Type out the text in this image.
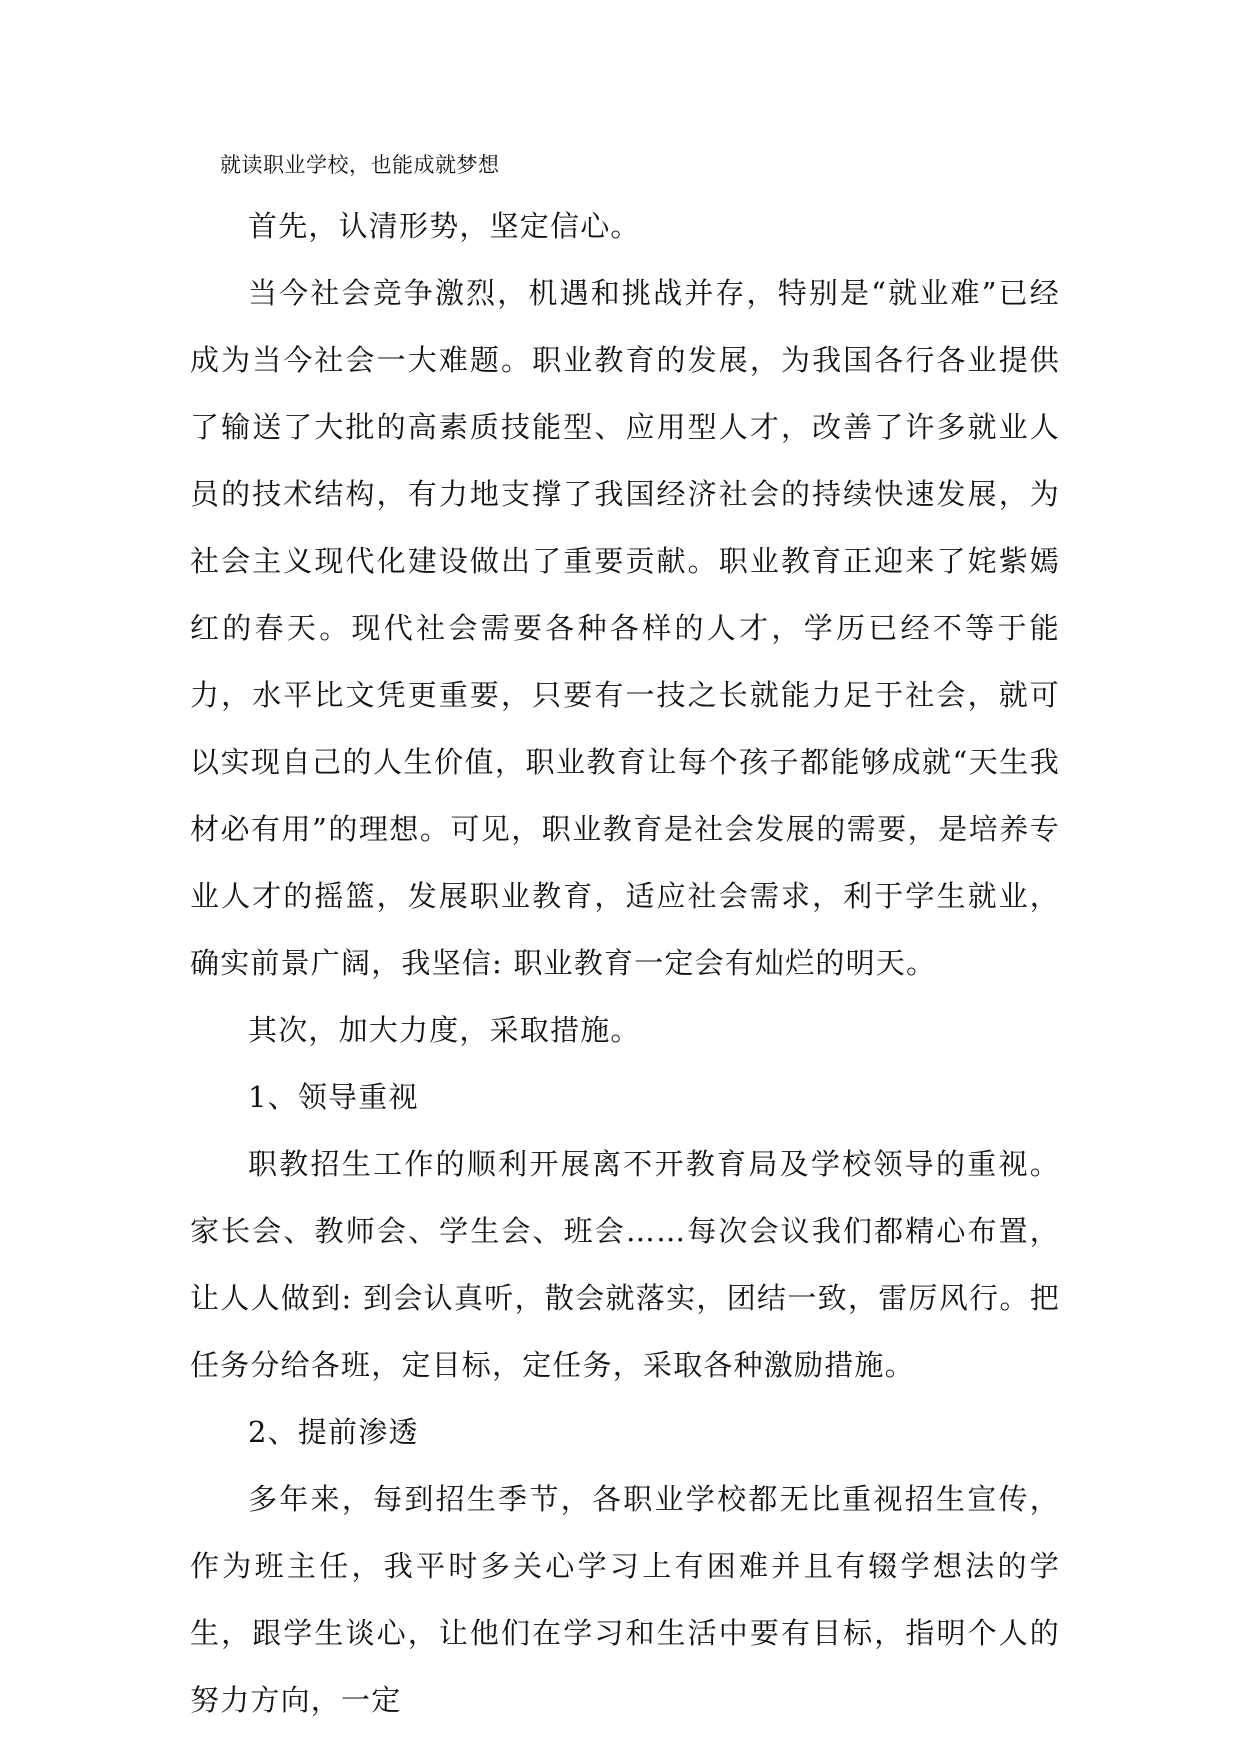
就读职业学校，也能成就梦想

首先，认清形势，坚定信心。

当今社会竞争激烈，机遇和挑战并存，特别是“就业难”已经成为当今社会一大难题。职业教育的发展，为我国各行各业提供了输送了大批的高素质技能型、应用型人才，改善了许多就业人员的技术结构，有力地支撑了我国经济社会的持续快速发展，为社会主义现代化建设做出了重要贡献。职业教育正迎来了姹紫嫣红的春天。现代社会需要各种各样的人才，学历已经不等于能力，水平比文凭更重要，只要有一技之长就能力足于社会，就可以实现自己的人生价值，职业教育让每个孩子都能够成就“天生我材必有用”的理想。可见，职业教育是社会发展的需要，是培养专业人才的摇篮，发展职业教育，适应社会需求，利于学生就业，确实前景广阔，我坚信: 职业教育一定会有灿烂的明天。

其次，加大力度，采取措施。

1、领导重视

职教招生工作的顺利开展离不开教育局及学校领导的重视。家长会、教师会、学生会、班会……每次会议我们都精心布置，让人人做到: 到会认真听，散会就落实，团结一致，雷厉风行。把任务分给各班，定目标，定任务，采取各种激励措施。

2、提前渗透

多年来，每到招生季节，各职业学校都无比重视招生宣传，作为班主任，我平时多关心学习上有困难并且有辍学想法的学生，跟学生谈心，让他们在学习和生活中要有目标，指明个人的努力方向，一定
